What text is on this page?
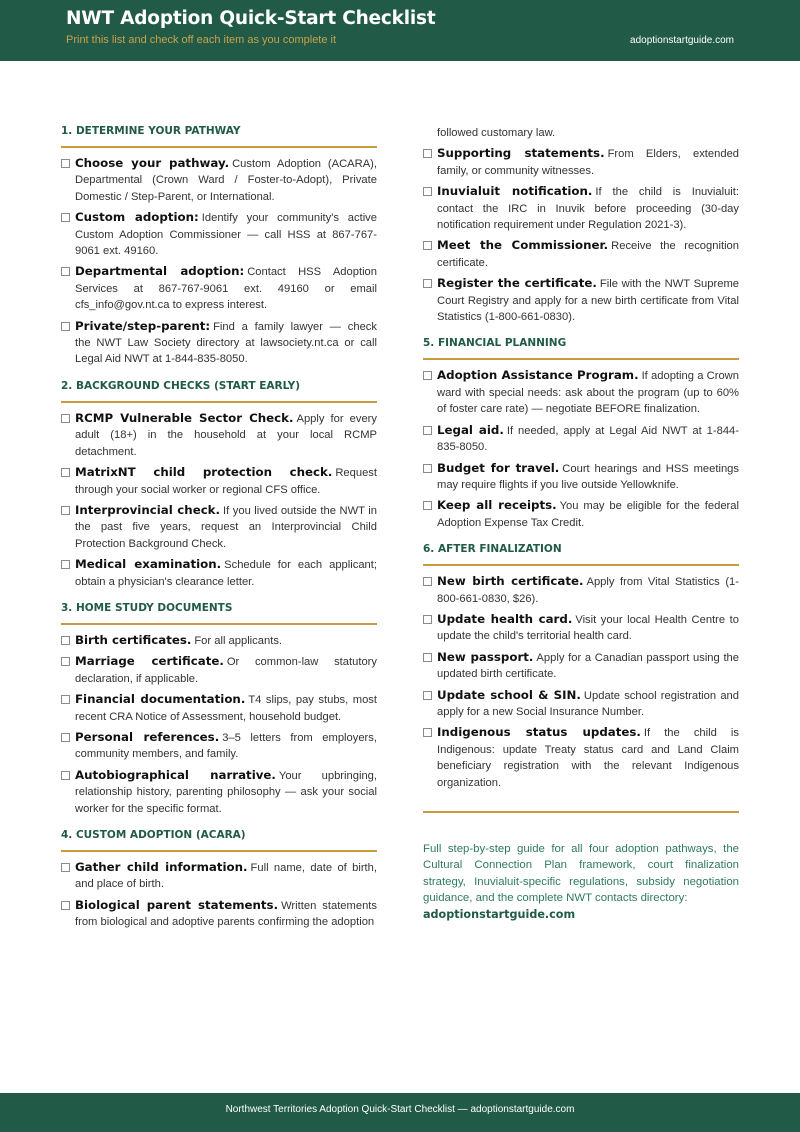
NWT Adoption Quick-Start Checklist
Print this list and check off each item as you complete it	adoptionstartguide.com
1. DETERMINE YOUR PATHWAY
Choose your pathway. Custom Adoption (ACARA), Departmental (Crown Ward / Foster-to-Adopt), Private Domestic / Step-Parent, or International.
Custom adoption: Identify your community's active Custom Adoption Commissioner — call HSS at 867-767-9061 ext. 49160.
Departmental adoption: Contact HSS Adoption Services at 867-767-9061 ext. 49160 or email cfs_info@gov.nt.ca to express interest.
Private/step-parent: Find a family lawyer — check the NWT Law Society directory at lawsociety.nt.ca or call Legal Aid NWT at 1-844-835-8050.
2. BACKGROUND CHECKS (START EARLY)
RCMP Vulnerable Sector Check. Apply for every adult (18+) in the household at your local RCMP detachment.
MatrixNT child protection check. Request through your social worker or regional CFS office.
Interprovincial check. If you lived outside the NWT in the past five years, request an Interprovincial Child Protection Background Check.
Medical examination. Schedule for each applicant; obtain a physician's clearance letter.
3. HOME STUDY DOCUMENTS
Birth certificates. For all applicants.
Marriage certificate. Or common-law statutory declaration, if applicable.
Financial documentation. T4 slips, pay stubs, most recent CRA Notice of Assessment, household budget.
Personal references. 3–5 letters from employers, community members, and family.
Autobiographical narrative. Your upbringing, relationship history, parenting philosophy — ask your social worker for the specific format.
4. CUSTOM ADOPTION (ACARA)
Gather child information. Full name, date of birth, and place of birth.
Biological parent statements. Written statements from biological and adoptive parents confirming the adoption
followed customary law.
Supporting statements. From Elders, extended family, or community witnesses.
Inuvialuit notification. If the child is Inuvialuit: contact the IRC in Inuvik before proceeding (30-day notification requirement under Regulation 2021-3).
Meet the Commissioner. Receive the recognition certificate.
Register the certificate. File with the NWT Supreme Court Registry and apply for a new birth certificate from Vital Statistics (1-800-661-0830).
5. FINANCIAL PLANNING
Adoption Assistance Program. If adopting a Crown ward with special needs: ask about the program (up to 60% of foster care rate) — negotiate BEFORE finalization.
Legal aid. If needed, apply at Legal Aid NWT at 1-844-835-8050.
Budget for travel. Court hearings and HSS meetings may require flights if you live outside Yellowknife.
Keep all receipts. You may be eligible for the federal Adoption Expense Tax Credit.
6. AFTER FINALIZATION
New birth certificate. Apply from Vital Statistics (1-800-661-0830, $26).
Update health card. Visit your local Health Centre to update the child's territorial health card.
New passport. Apply for a Canadian passport using the updated birth certificate.
Update school & SIN. Update school registration and apply for a new Social Insurance Number.
Indigenous status updates. If the child is Indigenous: update Treaty status card and Land Claim beneficiary registration with the relevant Indigenous organization.
Full step-by-step guide for all four adoption pathways, the Cultural Connection Plan framework, court finalization strategy, Inuvialuit-specific regulations, subsidy negotiation guidance, and the complete NWT contacts directory:
adoptionstartguide.com
Northwest Territories Adoption Quick-Start Checklist — adoptionstartguide.com
